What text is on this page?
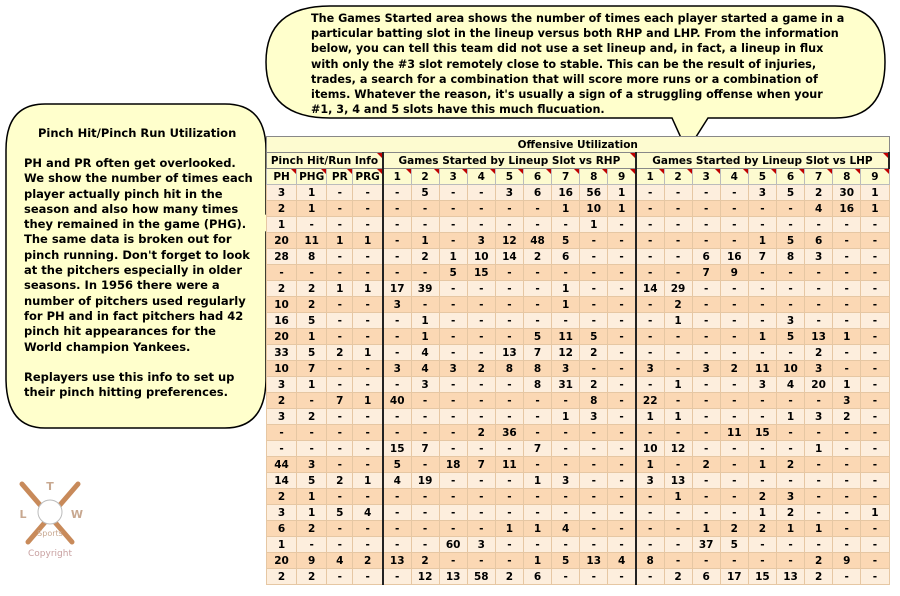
The Games Started area shows the number of times each player started a game in a particular batting slot in the lineup versus both RHP and LHP. From the information below, you can tell this team did not use a set lineup and, in fact, a lineup in flux with only the #3 slot remotely close to stable. This can be the result of injuries, trades, a search for a combination that will score more runs or a combination of items. Whatever the reason, it's usually a sign of a struggling offense when your #1, 3, 4 and 5 slots have this much flucuation.
Pinch Hit/Pinch Run Utilization

PH and PR often get overlooked. We show the number of times each player actually pinch hit in the season and also how many times they remained in the game (PHG). The same data is broken out for pinch running. Don't forget to look at the pitchers especially in older seasons. In 1956 there were a number of pitchers used regularly for PH and in fact pitchers had 42 pinch hit appearances for the World champion Yankees.

Replayers use this info to set up their pinch hitting preferences.

T
L	W
Sports
Copyright
Offensive Utilization																					
Pinch Hit/Run Info				Games Started by Lineup Slot vs RHP									Games Started by Lineup Slot vs LHP								

PH	PHG	PR	PRG	1	2	3	4	5	6	7	8	9	1	2	3	4	5	6	7	8	9

3	1	-	-	-	5	-	-	3	6	16	56	1	-	-	-	-	3	5	2	30	1
2	1	-	-	-	-	-	-	-	-	1	10	1	-	-	-	-	-	-	4	16	1
1	-	-	-	-	-	-	-	-	-	-	1	-	-	-	-	-	-	-	-	-	-
20	11	1	1	-	1	-	3	12	48	5	-	-	-	-	-	-	1	5	6	-	-
28	8	-	-	-	2	1	10	14	2	6	-	-	-	-	6	16	7	8	3	-	-
-	-	-	-	-	-	5	15	-	-	-	-	-	-	-	7	9	-	-	-	-	-
2	2	1	1	17	39	-	-	-	-	1	-	-	14	29	-	-	-	-	-	-	-
10	2	-	-	3	-	-	-	-	-	1	-	-	-	2	-	-	-	-	-	-	-
16	5	-	-	-	1	-	-	-	-	-	-	-	-	1	-	-	-	3	-	-	-
20	1	-	-	-	1	-	-	-	5	11	5	-	-	-	-	-	1	5	13	1	-
33	5	2	1	-	4	-	-	13	7	12	2	-	-	-	-	-	-	-	2	-	-
10	7	-	-	3	4	3	2	8	8	3	-	-	3	-	3	2	11	10	3	-	-
3	1	-	-	-	3	-	-	-	8	31	2	-	-	1	-	-	3	4	20	1	-
2	-	7	1	40	-	-	-	-	-	-	8	-	22	-	-	-	-	-	-	3	-
3	2	-	-	-	-	-	-	-	-	1	3	-	1	1	-	-	-	1	3	2	-
-	-	-	-	-	-	-	2	36	-	-	-	-	-	-	-	11	15	-	-	-	-
-	-	-	-	15	7	-	-	-	7	-	-	-	10	12	-	-	-	-	1	-	-
44	3	-	-	5	-	18	7	11	-	-	-	-	1	-	2	-	1	2	-	-	-
14	5	2	1	4	19	-	-	-	1	3	-	-	3	13	-	-	-	-	-	-	-
2	1	-	-	-	-	-	-	-	-	-	-	-	-	1	-	-	2	3	-	-	-
3	1	5	4	-	-	-	-	-	-	-	-	-	-	-	-	-	1	2	-	-	1
6	2	-	-	-	-	-	-	1	1	4	-	-	-	-	1	2	2	1	1	-	-
1	-	-	-	-	-	60	3	-	-	-	-	-	-	-	37	5	-	-	-	-	-
20	9	4	2	13	2	-	-	-	1	5	13	4	8	-	-	-	-	-	2	9	-
2	2	-	-	-	12	13	58	2	6	-	-	-	-	2	6	17	15	13	2	-	-
